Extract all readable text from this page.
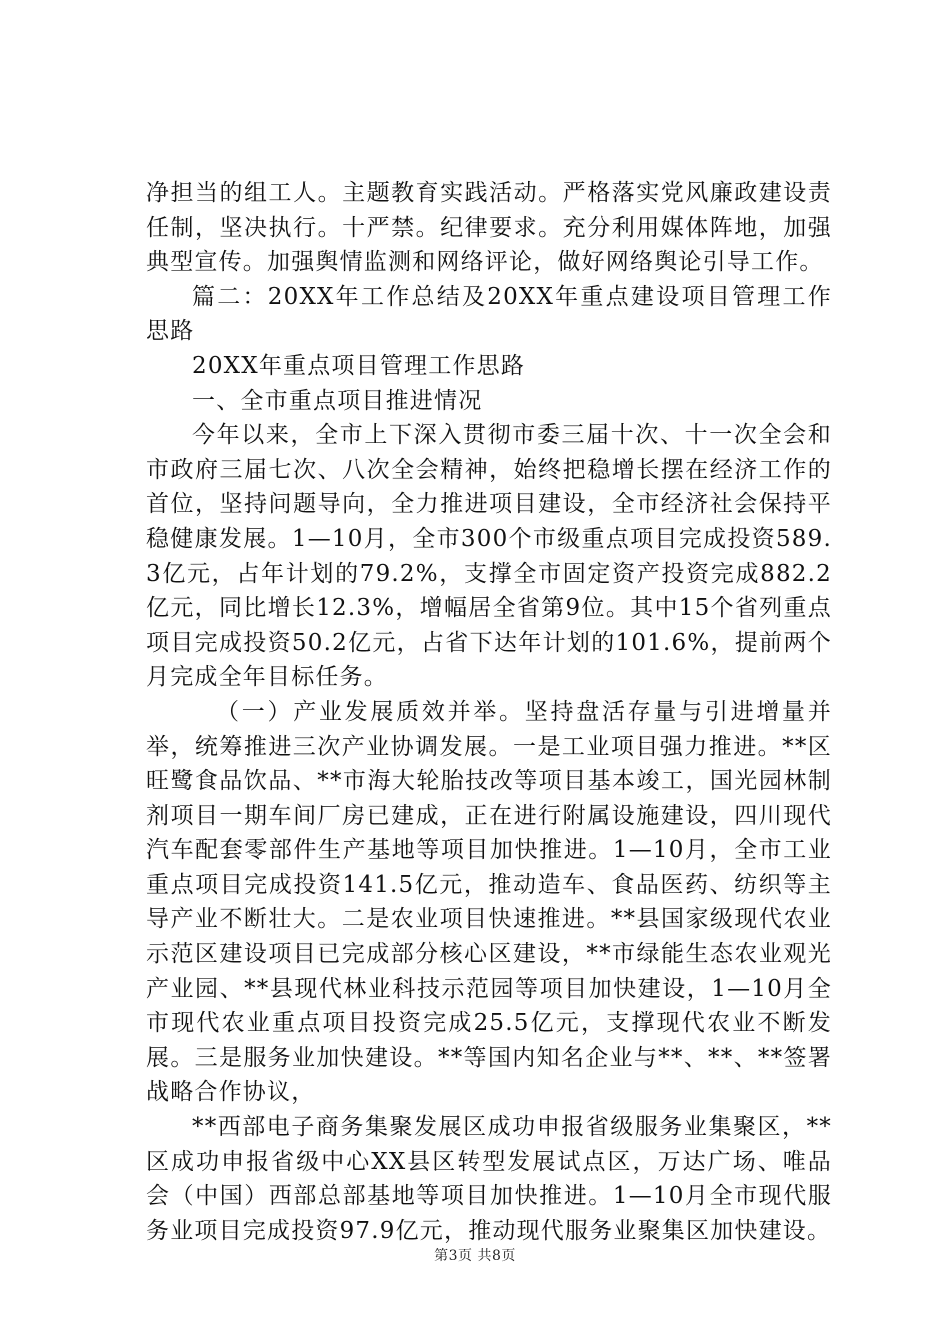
净担当的组工人。主题教育实践活动。严格落实党风廉政建设责任制，坚决执行。十严禁。纪律要求。充分利用媒体阵地，加强典型宣传。加强舆情监测和网络评论，做好网络舆论引导工作。

篇二：20XX年工作总结及20XX年重点建设项目管理工作思路

20XX年重点项目管理工作思路

一、全市重点项目推进情况

今年以来，全市上下深入贯彻市委三届十次、十一次全会和市政府三届七次、八次全会精神，始终把稳增长摆在经济工作的首位，坚持问题导向，全力推进项目建设，全市经济社会保持平稳健康发展。1—10月，全市300个市级重点项目完成投资589.3亿元，占年计划的79.2%，支撑全市固定资产投资完成882.2亿元，同比增长12.3%，增幅居全省第9位。其中15个省列重点项目完成投资50.2亿元，占省下达年计划的101.6%，提前两个月完成全年目标任务。

（一）产业发展质效并举。坚持盘活存量与引进增量并举，统筹推进三次产业协调发展。一是工业项目强力推进。**区旺鹭食品饮品、**市海大轮胎技改等项目基本竣工，国光园林制剂项目一期车间厂房已建成，正在进行附属设施建设，四川现代汽车配套零部件生产基地等项目加快推进。1—10月，全市工业重点项目完成投资141.5亿元，推动造车、食品医药、纺织等主导产业不断壮大。二是农业项目快速推进。**县国家级现代农业示范区建设项目已完成部分核心区建设，**市绿能生态农业观光产业园、**县现代林业科技示范园等项目加快建设，1—10月全市现代农业重点项目投资完成25.5亿元，支撑现代农业不断发展。三是服务业加快建设。**等国内知名企业与**、**、**签署战略合作协议，

**西部电子商务集聚发展区成功申报省级服务业集聚区，**区成功申报省级中心XX县区转型发展试点区，万达广场、唯品会（中国）西部总部基地等项目加快推进。1—10月全市现代服务业项目完成投资97.9亿元，推动现代服务业聚集区加快建设。

第3页 共8页
